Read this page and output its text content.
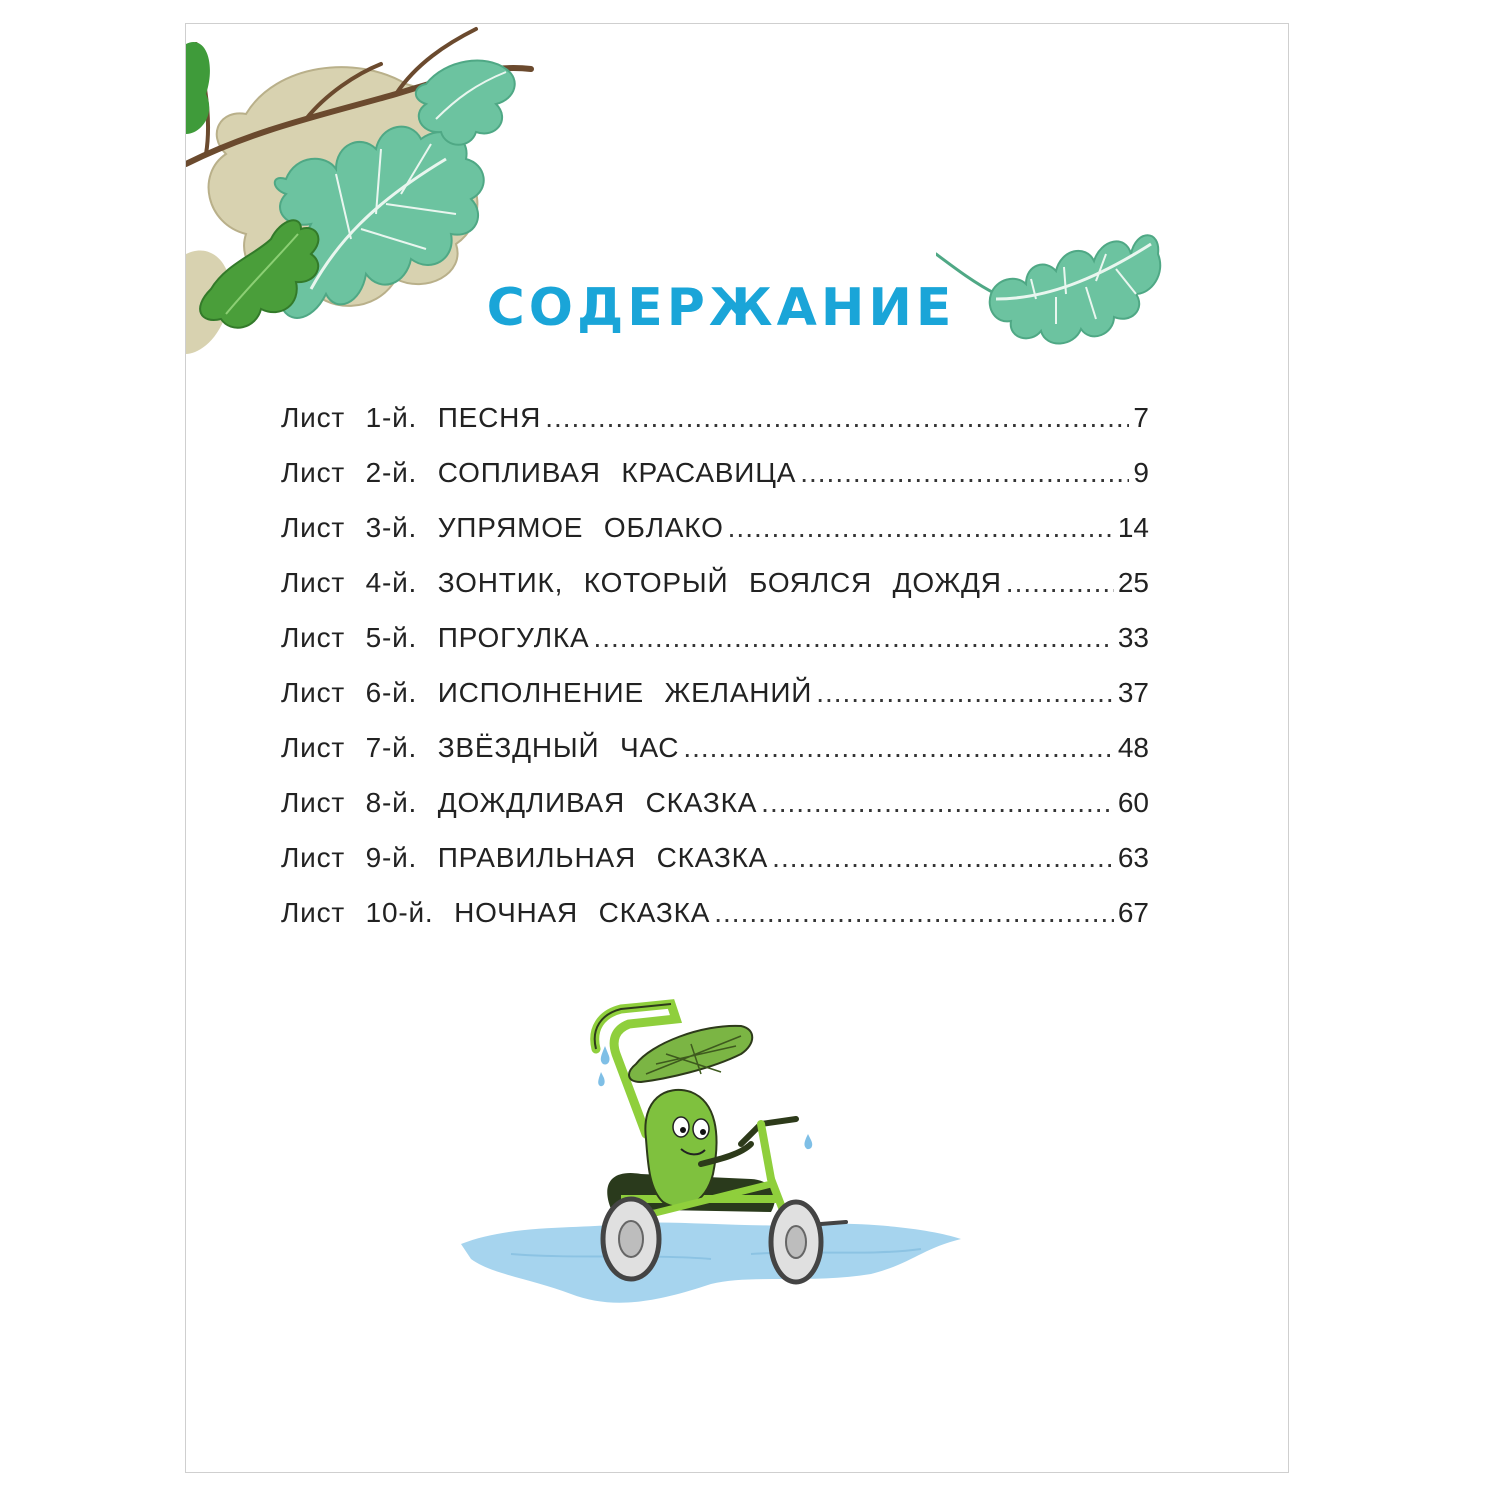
СОДЕРЖАНИЕ
Лист 1-й. ПЕСНЯ .....	7
Лист 2-й. СОПЛИВАЯ КРАСАВИЦА .....	9
Лист 3-й. УПРЯМОЕ ОБЛАКО .....	14
Лист 4-й. ЗОНТИК, КОТОРЫЙ БОЯЛСЯ ДОЖДЯ .....	25
Лист 5-й. ПРОГУЛКА .....	33
Лист 6-й. ИСПОЛНЕНИЕ ЖЕЛАНИЙ .....	37
Лист 7-й. ЗВЁЗДНЫЙ ЧАС .....	48
Лист 8-й. ДОЖДЛИВАЯ СКАЗКА .....	60
Лист 9-й. ПРАВИЛЬНАЯ СКАЗКА .....	63
Лист 10-й. НОЧНАЯ СКАЗКА .....	67
